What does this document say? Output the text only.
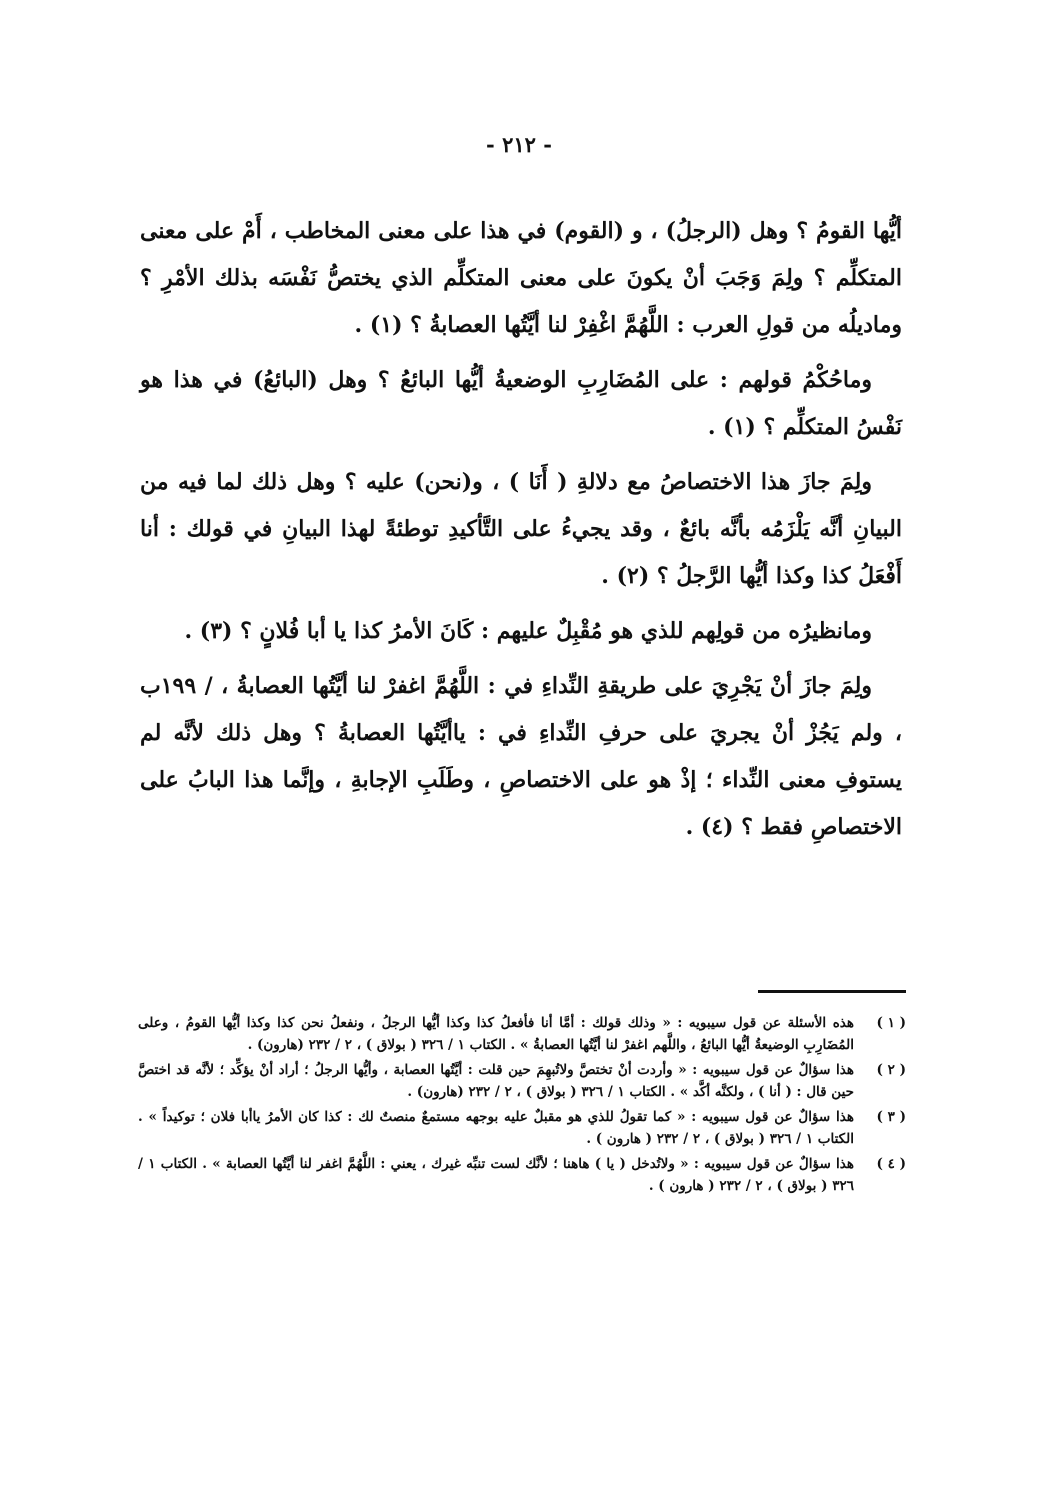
- ٢١٢ -

أيُّها القومُ ؟ وهل (الرجلُ) ، و (القوم) في هذا على معنى المخاطب ، أَمْ على معنى المتكلِّم ؟ ولِمَ وَجَبَ أنْ يكونَ على معنى المتكلِّم الذي يختصُّ نَفْسَه بذلك الأمْرِ ؟ وماديلُه من قولِ العرب : اللَّهُمَّ اغْفِرْ لنا أيَّتُها العصابةُ ؟ (١) .

وماحُكْمُ قولهم : على المُضَارِبِ الوضعيةُ أيُّها البائعُ ؟ وهل (البائعُ) في هذا هو نَفْسُ المتكلِّم ؟ (١) .

ولِمَ جازَ هذا الاختصاصُ مع دلالةِ ( أَنَا ) ، و(نحن) عليه ؟ وهل ذلك لما فيه من البيانِ أنَّه يَلْزَمُه بأنَّه بائعٌ ، وقد يجيءُ على التَّأكيدِ توطئةً لهذا البيانِ في قولك : أنا أَفْعَلُ كذا وكذا أيُّها الرَّجلُ ؟ (٢) .

ومانظيرُه من قولِهم للذي هو مُقْبِلٌ عليهم : كَانَ الأمرُ كذا يا أبا فُلانٍ ؟ (٣) .

ولِمَ جازَ أنْ يَجْرِيَ على طريقةِ النِّداءِ في : اللَّهُمَّ اغفرْ لنا أيَّتُها العصابةُ ، / ١٩٩ب ، ولم يَجُزْ أنْ يجريَ على حرفِ النِّداءِ في : ياأيَّتُها العصابةُ ؟ وهل ذلك لأنَّه لم يستوفِ معنى النِّداء ؛ إذْ هو على الاختصاصِ ، وطَلَبِ الإجابةِ ، وإنَّما هذا البابُ على الاختصاصِ فقط ؟ (٤) .

( ١ )
هذه الأسئلة عن قول سيبويه : « وذلك قولك : أمَّا أنا فأفعلُ كذا وكذا أيُّها الرجلُ ، ونفعلُ نحن كذا وكذا أيُّها القومُ ، وعلى المُضَارِبِ الوضيعةُ أيُّها البائعُ ، واللَّهم اغفرْ لنا أيَّتُها العصابةُ » . الكتاب ١ / ٣٢٦ ( بولاق ) ، ٢ / ٢٣٢ (هارون) .
( ٢ )
هذا سؤالٌ عن قول سيبويه : « وأردت أنْ تختصَّ ولاتُبهِمَ حين قلت : أيَّتُها العصابة ، وأيُّها الرجلُ ؛ أراد أنْ يؤكِّد ؛ لأنَّه قد اختصَّ حين قال : ( أنا ) ، ولكنَّه أكَّد » . الكتاب ١ / ٣٢٦ ( بولاق ) ، ٢ / ٢٣٢ (هارون) .
( ٣ )
هذا سؤالٌ عن قول سيبويه : « كما تقولُ للذي هو مقبلٌ عليه بوجهه مستمعٌ منصتٌ لك : كذا كان الأمرُ ياأبا فلان ؛ توكيداً » . الكتاب ١ / ٣٢٦ ( بولاق ) ، ٢ / ٢٣٢ ( هارون ) .
( ٤ )
هذا سؤالٌ عن قول سيبويه : « ولاتُدخل ( يا ) هاهنا ؛ لأنَّك لست تنبِّه غيرك ، يعني : اللَّهُمَّ اغفر لنا أيَّتُها العصابة » . الكتاب ١ / ٣٢٦ ( بولاق ) ، ٢ / ٢٣٢ ( هارون ) .
